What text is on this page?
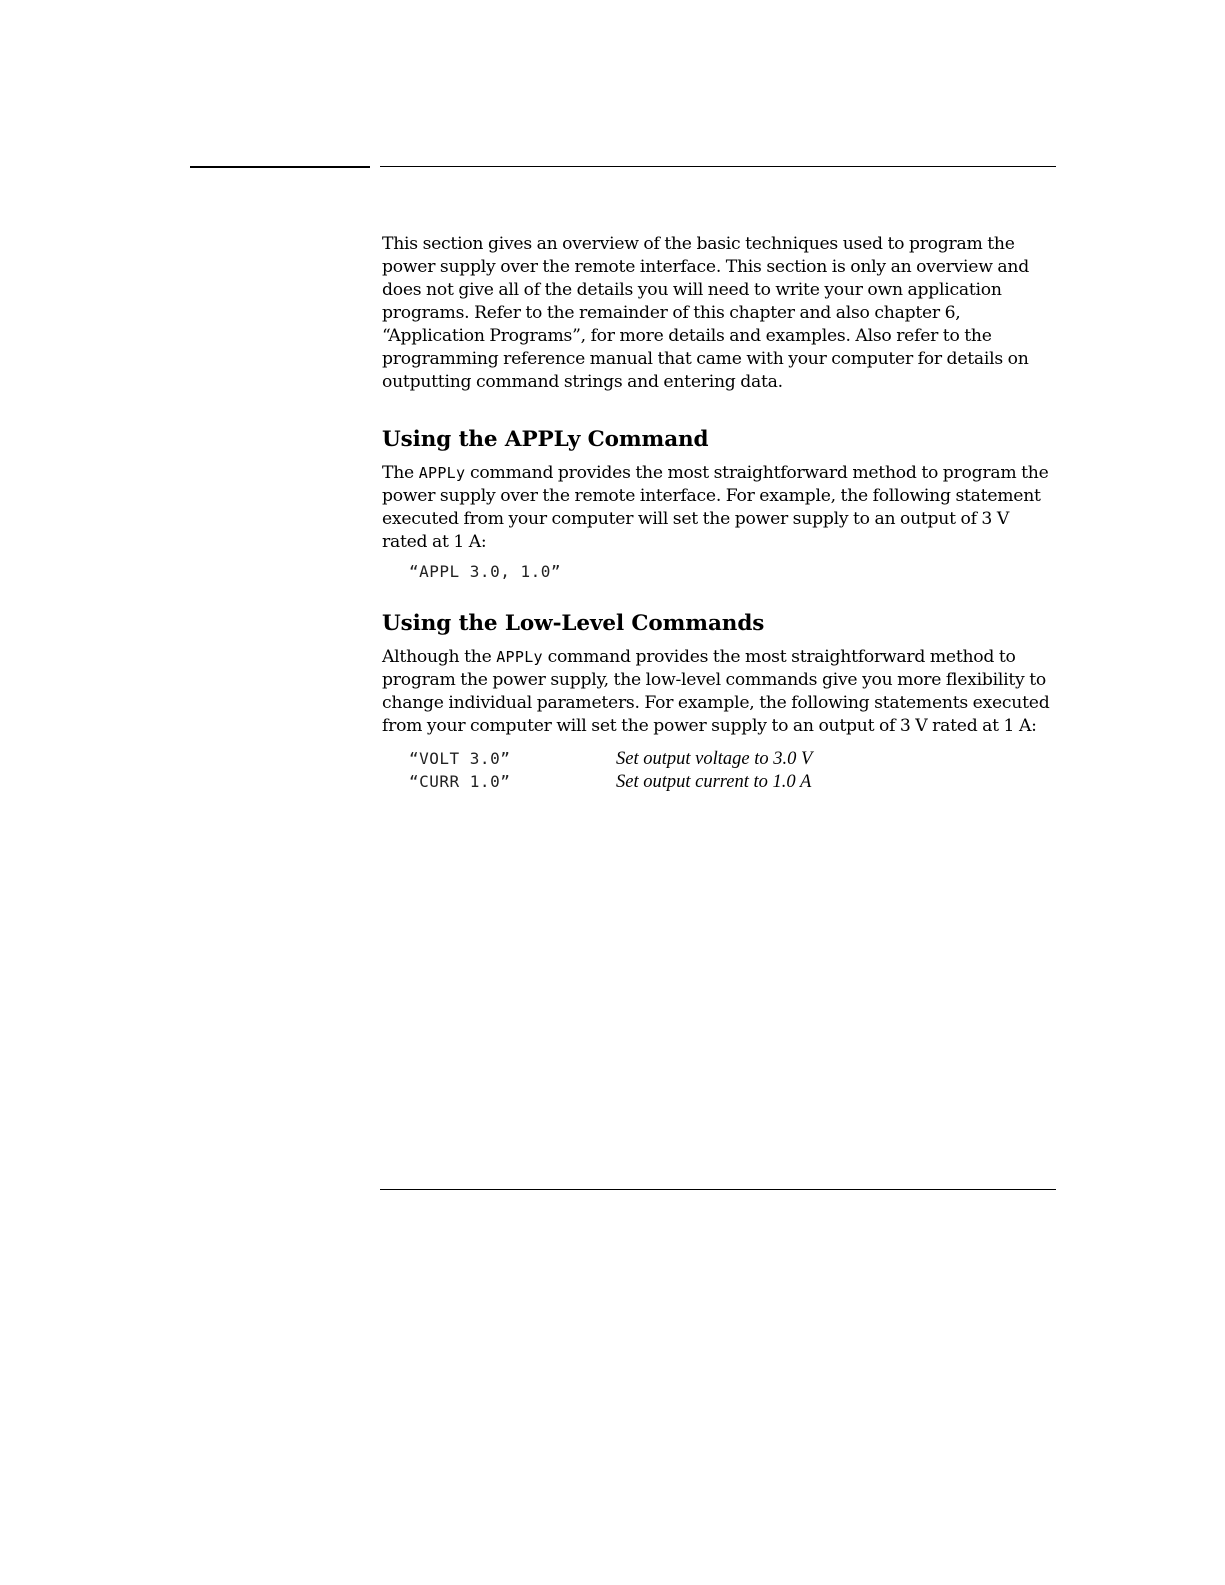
This section gives an overview of the basic techniques used to program the power supply over the remote interface. This section is only an overview and does not give all of the details you will need to write your own application programs. Refer to the remainder of this chapter and also chapter 6, “Application Programs”, for more details and examples. Also refer to the programming reference manual that came with your computer for details on outputting command strings and entering data.

Using the APPLy Command

The APPLy command provides the most straightforward method to program the power supply over the remote interface. For example, the following statement executed from your computer will set the power supply to an output of 3 V rated at 1 A:

“APPL 3.0, 1.0”
Using the Low-Level Commands

Although the APPLy command provides the most straightforward method to program the power supply, the low-level commands give you more flexibility to change individual parameters. For example, the following statements executed from your computer will set the power supply to an output of 3 V rated at 1 A:

“VOLT 3.0”	Set output voltage to 3.0 V
“CURR 1.0”	Set output current to 1.0 A
